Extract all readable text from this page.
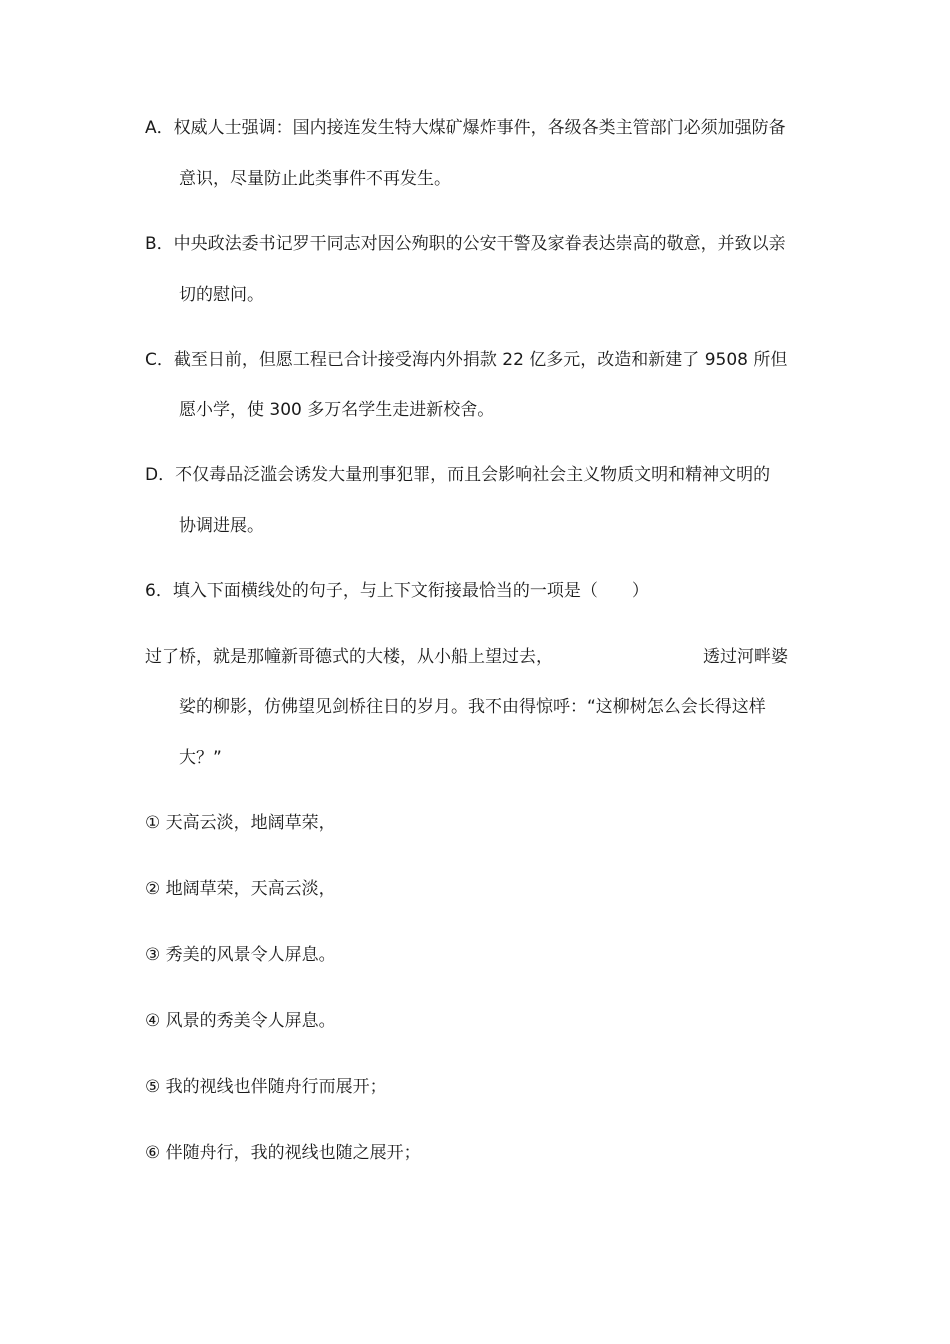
A．权威人士强调：国内接连发生特大煤矿爆炸事件，各级各类主管部门必须加强防备
意识，尽量防止此类事件不再发生。
B．中央政法委书记罗干同志对因公殉职的公安干警及家眷表达崇高的敬意，并致以亲
切的慰问。
C．截至日前，但愿工程已合计接受海内外捐款 22 亿多元，改造和新建了 9508 所但
愿小学，使 300 多万名学生走进新校舍。
D．不仅毒品泛滥会诱发大量刑事犯罪，而且会影响社会主义物质文明和精神文明的
协调进展。
6．填入下面横线处的句子，与上下文衔接最恰当的一项是（　　）
过了桥，就是那幢新哥德式的大楼，从小船上望过去，	透过河畔婆
娑的柳影，仿佛望见剑桥往日的岁月。我不由得惊呼：“这柳树怎么会长得这样
大？”
① 天高云淡，地阔草荣，
② 地阔草荣，天高云淡，
③ 秀美的风景令人屏息。
④ 风景的秀美令人屏息。
⑤ 我的视线也伴随舟行而展开；
⑥ 伴随舟行，我的视线也随之展开；
